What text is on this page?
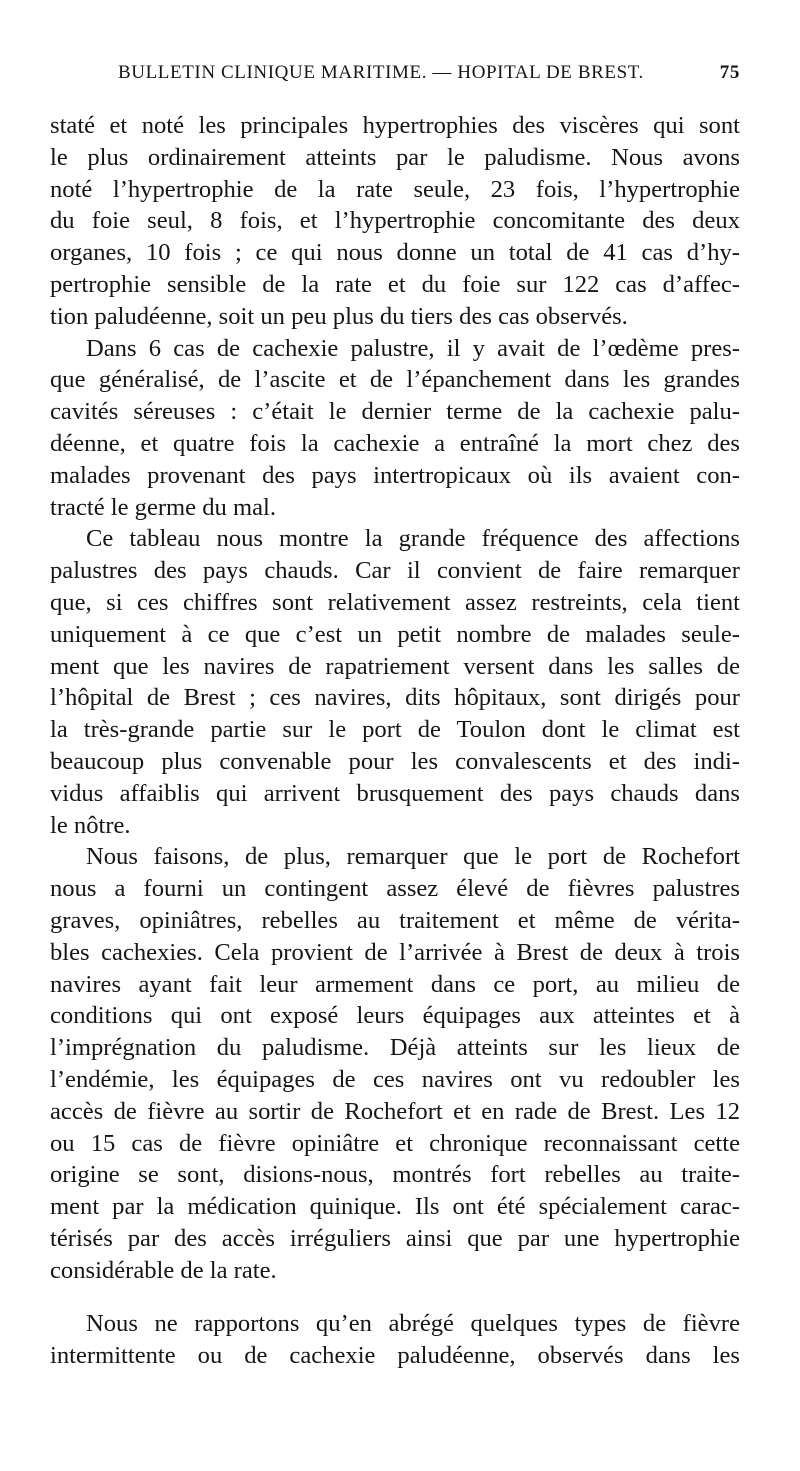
BULLETIN CLINIQUE MARITIME. — HOPITAL DE BREST.	75
staté et noté les principales hypertrophies des viscères qui sont
le plus ordinairement atteints par le paludisme. Nous avons
noté l’hypertrophie de la rate seule, 23 fois, l’hypertrophie
du foie seul, 8 fois, et l’hypertrophie concomitante des deux
organes, 10 fois ; ce qui nous donne un total de 41 cas d’hy-
pertrophie sensible de la rate et du foie sur 122 cas d’affec-
tion paludéenne, soit un peu plus du tiers des cas observés.
Dans 6 cas de cachexie palustre, il y avait de l’œdème pres-
que généralisé, de l’ascite et de l’épanchement dans les grandes
cavités séreuses : c’était le dernier terme de la cachexie palu-
déenne, et quatre fois la cachexie a entraîné la mort chez des
malades provenant des pays intertropicaux où ils avaient con-
tracté le germe du mal.
Ce tableau nous montre la grande fréquence des affections
palustres des pays chauds. Car il convient de faire remarquer
que, si ces chiffres sont relativement assez restreints, cela tient
uniquement à ce que c’est un petit nombre de malades seule-
ment que les navires de rapatriement versent dans les salles de
l’hôpital de Brest ; ces navires, dits hôpitaux, sont dirigés pour
la très-grande partie sur le port de Toulon dont le climat est
beaucoup plus convenable pour les convalescents et des indi-
vidus affaiblis qui arrivent brusquement des pays chauds dans
le nôtre.
Nous faisons, de plus, remarquer que le port de Rochefort
nous a fourni un contingent assez élevé de fièvres palustres
graves, opiniâtres, rebelles au traitement et même de vérita-
bles cachexies. Cela provient de l’arrivée à Brest de deux à trois
navires ayant fait leur armement dans ce port, au milieu de
conditions qui ont exposé leurs équipages aux atteintes et à
l’imprégnation du paludisme. Déjà atteints sur les lieux de
l’endémie, les équipages de ces navires ont vu redoubler les
accès de fièvre au sortir de Rochefort et en rade de Brest. Les 12
ou 15 cas de fièvre opiniâtre et chronique reconnaissant cette
origine se sont, disions-nous, montrés fort rebelles au traite-
ment par la médication quinique. Ils ont été spécialement carac-
térisés par des accès irréguliers ainsi que par une hypertrophie
considérable de la rate.
Nous ne rapportons qu’en abrégé quelques types de fièvre
intermittente ou de cachexie paludéenne, observés dans les
